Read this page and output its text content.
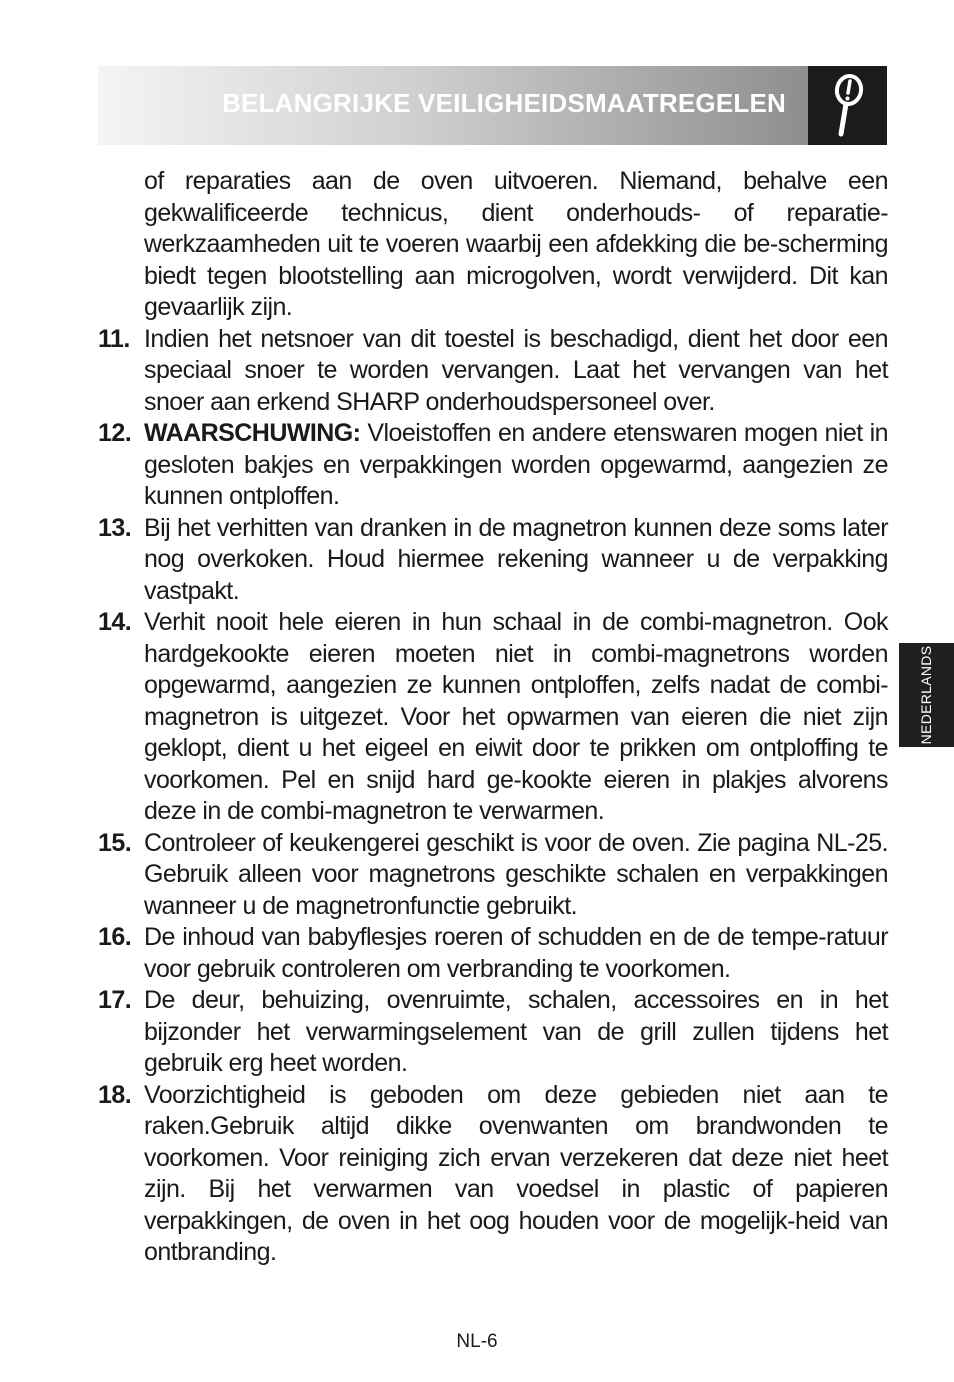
BELANGRIJKE VEILIGHEIDSMAATREGELEN
of reparaties aan de oven uitvoeren. Niemand, behalve een gekwalificeerde technicus, dient onderhouds- of reparatie-werkzaamheden uit te voeren waarbij een afdekking die be-scherming biedt tegen blootstelling aan microgolven, wordt verwijderd. Dit kan gevaarlijk zijn.
11. Indien het netsnoer van dit toestel is beschadigd, dient het door een speciaal snoer te worden vervangen. Laat het vervangen van het snoer aan erkend SHARP onderhoudspersoneel over.
12. WAARSCHUWING: Vloeistoffen en andere etenswaren mogen niet in gesloten bakjes en verpakkingen worden opgewarmd, aangezien ze kunnen ontploffen.
13. Bij het verhitten van dranken in de magnetron kunnen deze soms later nog overkoken. Houd hiermee rekening wanneer u de verpakking vastpakt.
14. Verhit nooit hele eieren in hun schaal in de combi-magnetron. Ook hardgekookte eieren moeten niet in combi-magnetrons worden opgewarmd, aangezien ze kunnen ontploffen, zelfs nadat de combi-magnetron is uitgezet. Voor het opwarmen van eieren die niet zijn geklopt, dient u het eigeel en eiwit door te prikken om ontploffing te voorkomen. Pel en snijd hard ge-kookte eieren in plakjes alvorens deze in de combi-magnetron te verwarmen.
15. Controleer of keukengerei geschikt is voor de oven. Zie pagina NL-25. Gebruik alleen voor magnetrons geschikte schalen en verpakkingen wanneer u de magnetronfunctie gebruikt.
16. De inhoud van babyflesjes roeren of schudden en de de tempe-ratuur voor gebruik controleren om verbranding te voorkomen.
17. De deur, behuizing, ovenruimte, schalen, accessoires en in het bijzonder het verwarmingselement van de grill zullen tijdens het gebruik erg heet worden.
18. Voorzichtigheid is geboden om deze gebieden niet aan te raken.Gebruik altijd dikke ovenwanten om brandwonden te voorkomen. Voor reiniging zich ervan verzekeren dat deze niet heet zijn. Bij het verwarmen van voedsel in plastic of papieren verpakkingen, de oven in het oog houden voor de mogelijk-heid van ontbranding.
NEDERLANDS
NL-6
